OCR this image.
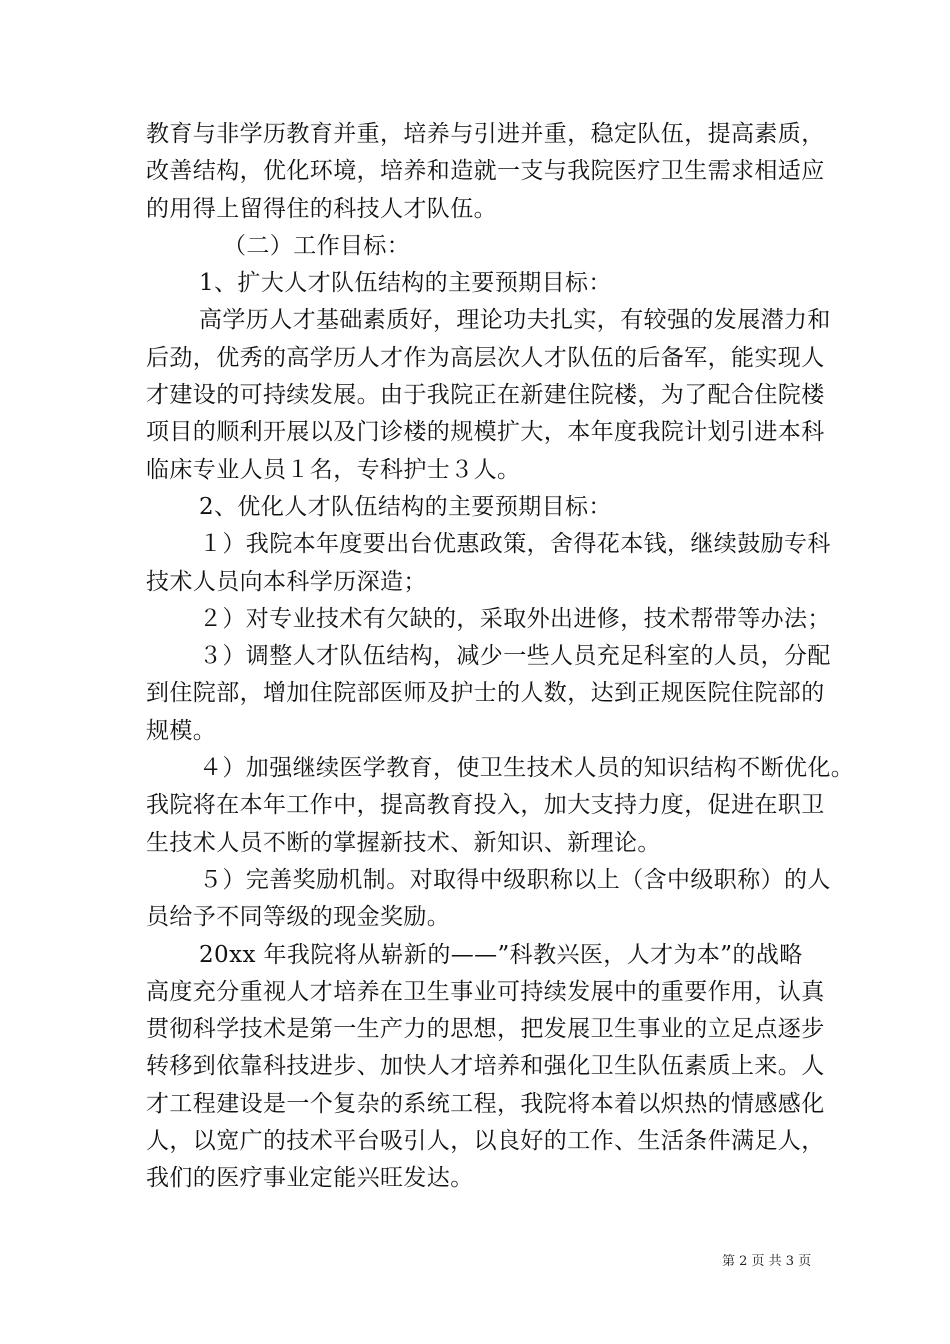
教育与非学历教育并重，培养与引进并重，稳定队伍，提高素质，
改善结构，优化环境，培养和造就一支与我院医疗卫生需求相适应
的用得上留得住的科技人才队伍。
（二）工作目标：
1、扩大人才队伍结构的主要预期目标：
高学历人才基础素质好，理论功夫扎实，有较强的发展潜力和
后劲，优秀的高学历人才作为高层次人才队伍的后备军，能实现人
才建设的可持续发展。由于我院正在新建住院楼，为了配合住院楼
项目的顺利开展以及门诊楼的规模扩大，本年度我院计划引进本科
临床专业人员１名，专科护士３人。
2、优化人才队伍结构的主要预期目标：
１）我院本年度要出台优惠政策，舍得花本钱，继续鼓励专科
技术人员向本科学历深造；
２）对专业技术有欠缺的，采取外出进修，技术帮带等办法；
３）调整人才队伍结构，减少一些人员充足科室的人员，分配
到住院部，增加住院部医师及护士的人数，达到正规医院住院部的
规模。
４）加强继续医学教育，使卫生技术人员的知识结构不断优化。
我院将在本年工作中，提高教育投入，加大支持力度，促进在职卫
生技术人员不断的掌握新技术、新知识、新理论。
５）完善奖励机制。对取得中级职称以上（含中级职称）的人
员给予不同等级的现金奖励。
20xx 年我院将从崭新的——”科教兴医，人才为本”的战略
高度充分重视人才培养在卫生事业可持续发展中的重要作用，认真
贯彻科学技术是第一生产力的思想，把发展卫生事业的立足点逐步
转移到依靠科技进步、加快人才培养和强化卫生队伍素质上来。人
才工程建设是一个复杂的系统工程，我院将本着以炽热的情感感化
人，以宽广的技术平台吸引人，以良好的工作、生活条件满足人，
我们的医疗事业定能兴旺发达。
第 2 页 共 3 页
